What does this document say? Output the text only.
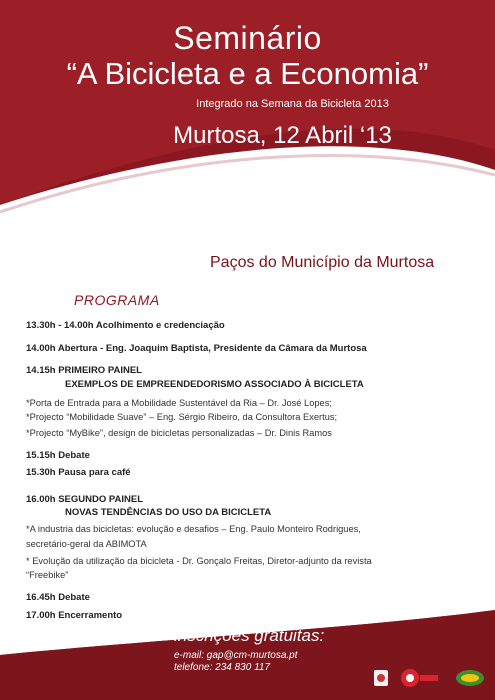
Seminário
“A Bicicleta e a Economia”
Integrado na Semana da Bicicleta 2013
Murtosa, 12 Abril ‘13
Paços do Município da Murtosa
PROGRAMA
13.30h - 14.00h Acolhimento e credenciação
14.00h Abertura - Eng. Joaquim Baptista, Presidente da Câmara da Murtosa
14.15h PRIMEIRO PAINEL
EXEMPLOS DE EMPREENDEDORISMO ASSOCIADO À BICICLETA
*Porta de Entrada para a Mobilidade Sustentável da Ria – Dr. José Lopes;
*Projecto “Mobilidade Suave” – Eng. Sérgio Ribeiro, da Consultora Exertus;
*Projecto “MyBike”, design de bicicletas personalizadas – Dr. Dinis Ramos
15.15h Debate
15.30h Pausa para café
16.00h SEGUNDO PAINEL
NOVAS TENDÊNCIAS DO USO DA BICICLETA
*A industria das bicicletas: evolução e desafios – Eng. Paulo Monteiro Rodrigues,
secretário-geral da ABIMOTA
* Evolução da utilização da bicicleta - Dr. Gonçalo Freitas, Diretor-adjunto da revista
“Freebike”
16.45h Debate
17.00h Encerramento
inscrições gratuitas:
e-mail: gap@cm-murtosa.pt
telefone: 234 830 117
